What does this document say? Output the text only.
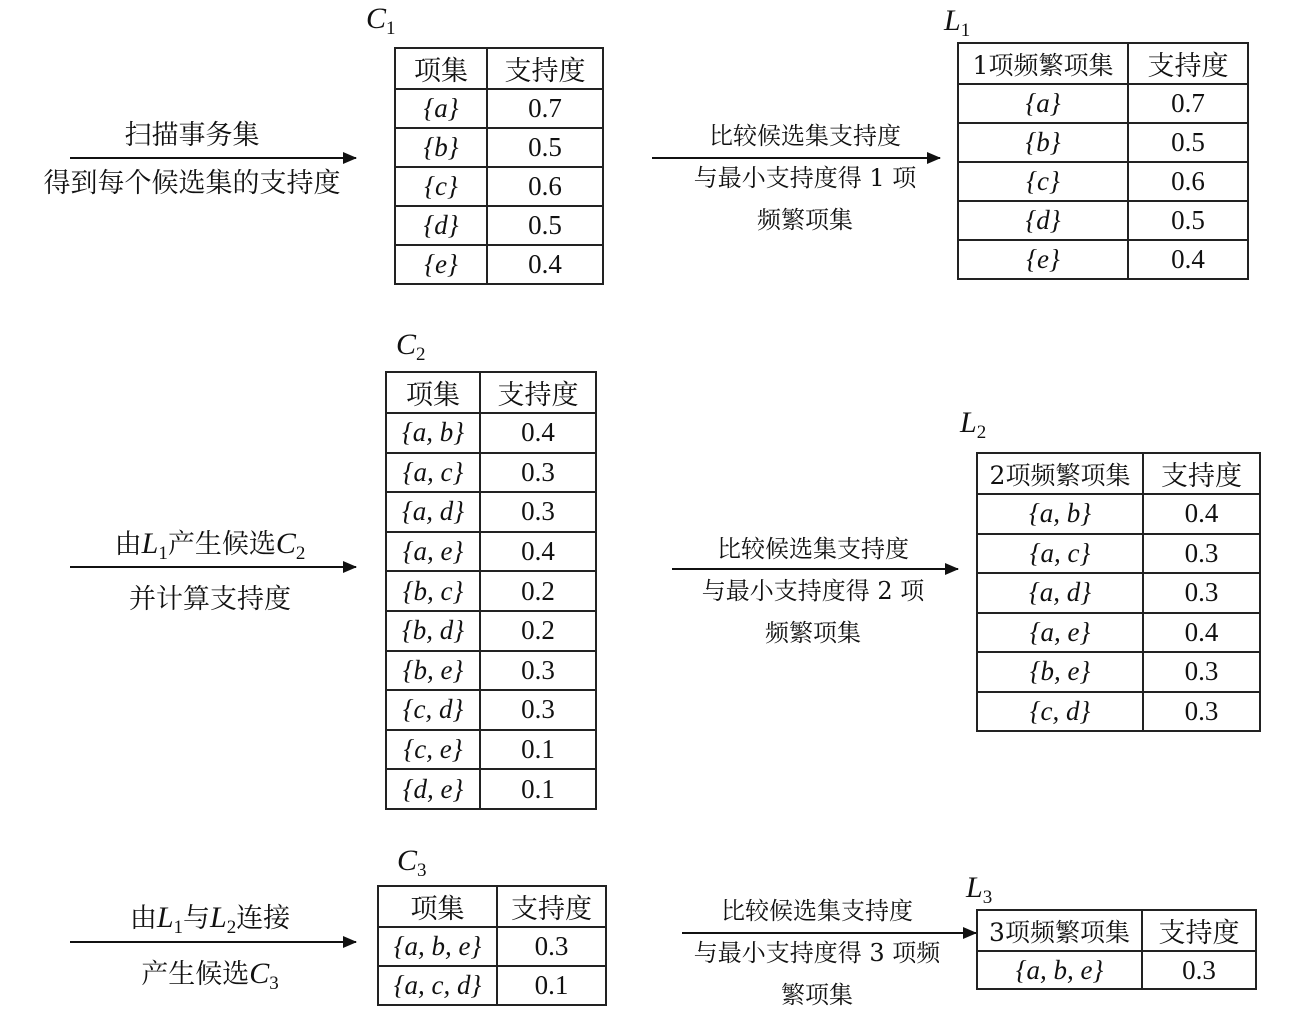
扫描事务集
得到每个候选集的支持度
$C_1$
项集	支持度
{a}	0.7
{b}	0.5
{c}	0.6
{d}	0.5
{e}	0.4
比较候选集支持度
与最小支持度得 1 项
频繁项集
$L_1$
1项频繁项集	支持度
{a}	0.7
{b}	0.5
{c}	0.6
{d}	0.5
{e}	0.4
由$L_1$产生候选$C_2$
并计算支持度
$C_2$
项集	支持度
{a, b}	0.4
{a, c}	0.3
{a, d}	0.3
{a, e}	0.4
{b, c}	0.2
{b, d}	0.2
{b, e}	0.3
{c, d}	0.3
{c, e}	0.1
{d, e}	0.1
比较候选集支持度
与最小支持度得 2 项
频繁项集
$L_2$
2项频繁项集	支持度
{a, b}	0.4
{a, c}	0.3
{a, d}	0.3
{a, e}	0.4
{b, e}	0.3
{c, d}	0.3
由$L_1$与$L_2$连接
产生候选$C_3$
$C_3$
项集	支持度
{a, b, e}	0.3
{a, c, d}	0.1
比较候选集支持度
与最小支持度得 3 项频
繁项集
$L_3$
3项频繁项集	支持度
{a, b, e}	0.3
